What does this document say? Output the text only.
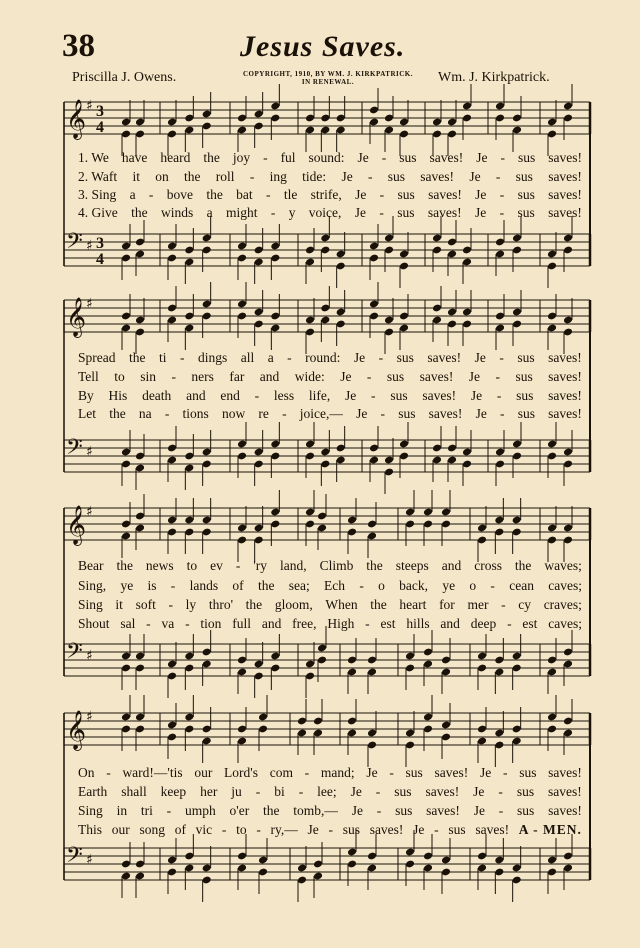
38	Jesus Saves.
Priscilla J. Owens.	COPYRIGHT, 1910, BY WM. J. KIRKPATRICK.
IN RENEWAL.	Wm. J. Kirkpatrick.
𝄞 ♯ 3
4
𝄢 ♯ 3
4
𝄞 ♯
𝄢 ♯
𝄞 ♯
𝄢 ♯
𝄞 ♯
𝄢 ♯
1. We have heard the joy - ful sound: Je - sus saves! Je - sus saves!
2. Waft it on the roll - ing tide: Je - sus saves! Je - sus saves!
3. Sing a - bove the bat - tle strife, Je - sus saves! Je - sus saves!
4. Give the winds a might - y voice, Je - sus saves! Je - sus saves!
Spread the ti - dings all a - round: Je - sus saves! Je - sus saves!
Tell to sin - ners far and wide: Je - sus saves! Je - sus saves!
By His death and end - less life, Je - sus saves! Je - sus saves!
Let the na - tions now re - joice,— Je - sus saves! Je - sus saves!
Bear the news to ev - 'ry land, Climb the steeps and cross the waves;
Sing, ye is - lands of the sea; Ech - o back, ye o - cean caves;
Sing it soft - ly thro' the gloom, When the heart for mer - cy craves;
Shout sal - va - tion full and free, High - est hills and deep - est caves;
On - ward!—'tis our Lord's com - mand; Je - sus saves! Je - sus saves!
Earth shall keep her ju - bi - lee; Je - sus saves! Je - sus saves!
Sing in tri - umph o'er the tomb,— Je - sus saves! Je - sus saves!
This our song of vic - to - ry,— Je - sus saves! Je - sus saves! A - MEN.
